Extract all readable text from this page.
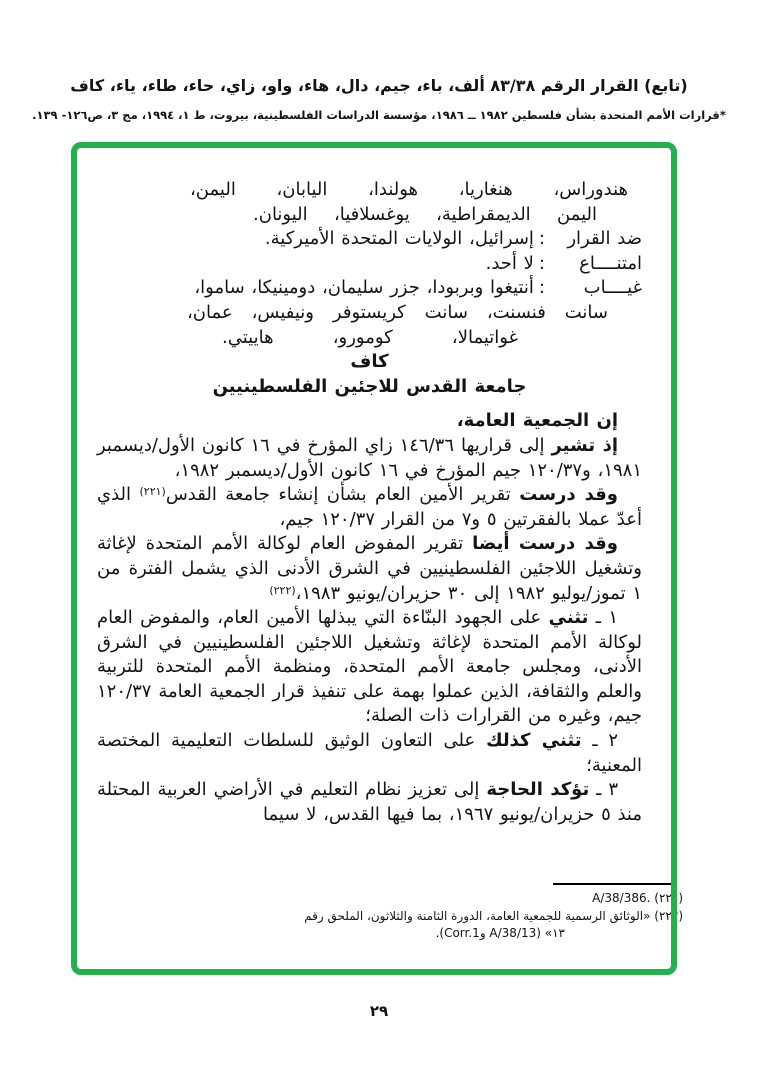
(تابع) القرار الرقم ٨٣/٣٨ ألف، باء، جيم، دال، هاء، واو، زاي، حاء، طاء، ياء، كاف
*قرارات الأمم المتحدة بشأن فلسطين ١٩٨٢ ــ ١٩٨٦، مؤسسة الدراسات الفلسطينية، بيروت، ط ١، ١٩٩٤، مج ٣، ص١٢٦- ١٣٩.
هندوراس، هنغاريا، هولندا، اليابان، اليمن،
اليمن الديمقراطية، يوغسلافيا، اليونان.
ضد القرار:إسرائيل، الولايات المتحدة الأميركية.
امتنــــاع:لا أحد.
غيــــاب:أنتيغوا وبربودا، جزر سليمان، دومينيكا، ساموا،
سانت فنسنت، سانت كريستوفر ونيفيس، عمان،
غواتيمالا، كومورو، هاييتي.
كاف
جامعة القدس للاجئين الفلسطينيين
إن الجمعية العامة،
إذ تشير إلى قراريها ١٤٦/٣٦ زاي المؤرخ في ١٦ كانون الأول/ديسمبر ١٩٨١، و١٢٠/٣٧ جيم المؤرخ في ١٦ كانون الأول/ديسمبر ١٩٨٢،
وقد درست تقرير الأمين العام بشأن إنشاء جامعة القدس$^{(٢٢١)}$ الذي أعدّ عملا بالفقرتين ٥ و٧ من القرار ١٢٠/٣٧ جيم،
وقد درست أيضا تقرير المفوض العام لوكالة الأمم المتحدة لإغاثة وتشغيل اللاجئين الفلسطينيين في الشرق الأدنى الذي يشمل الفترة من ١ تموز/يوليو ١٩٨٢ إلى ٣٠ حزيران/يونيو ١٩٨٣،$^{(٢٢٢)}$
١ ـ تثني على الجهود البنّاءة التي يبذلها الأمين العام، والمفوض العام لوكالة الأمم المتحدة لإغاثة وتشغيل اللاجئين الفلسطينيين في الشرق الأدنى، ومجلس جامعة الأمم المتحدة، ومنظمة الأمم المتحدة للتربية والعلم والثقافة، الذين عملوا بهمة على تنفيذ قرار الجمعية العامة ١٢٠/٣٧ جيم، وغيره من القرارات ذات الصلة؛
٢ ـ تثني كذلك على التعاون الوثيق للسلطات التعليمية المختصة المعنية؛
٣ ـ تؤكد الحاجة إلى تعزيز نظام التعليم في الأراضي العربية المحتلة منذ ٥ حزيران/يونيو ١٩٦٧، بما فيها القدس، لا سيما
(٢٢١) A/38/386.
(٢٢٢) «الوثائق الرسمية للجمعية العامة، الدورة الثامنة والثلاثون، الملحق رقم
١٣» (A/38/13 وCorr.1).
٢٩
